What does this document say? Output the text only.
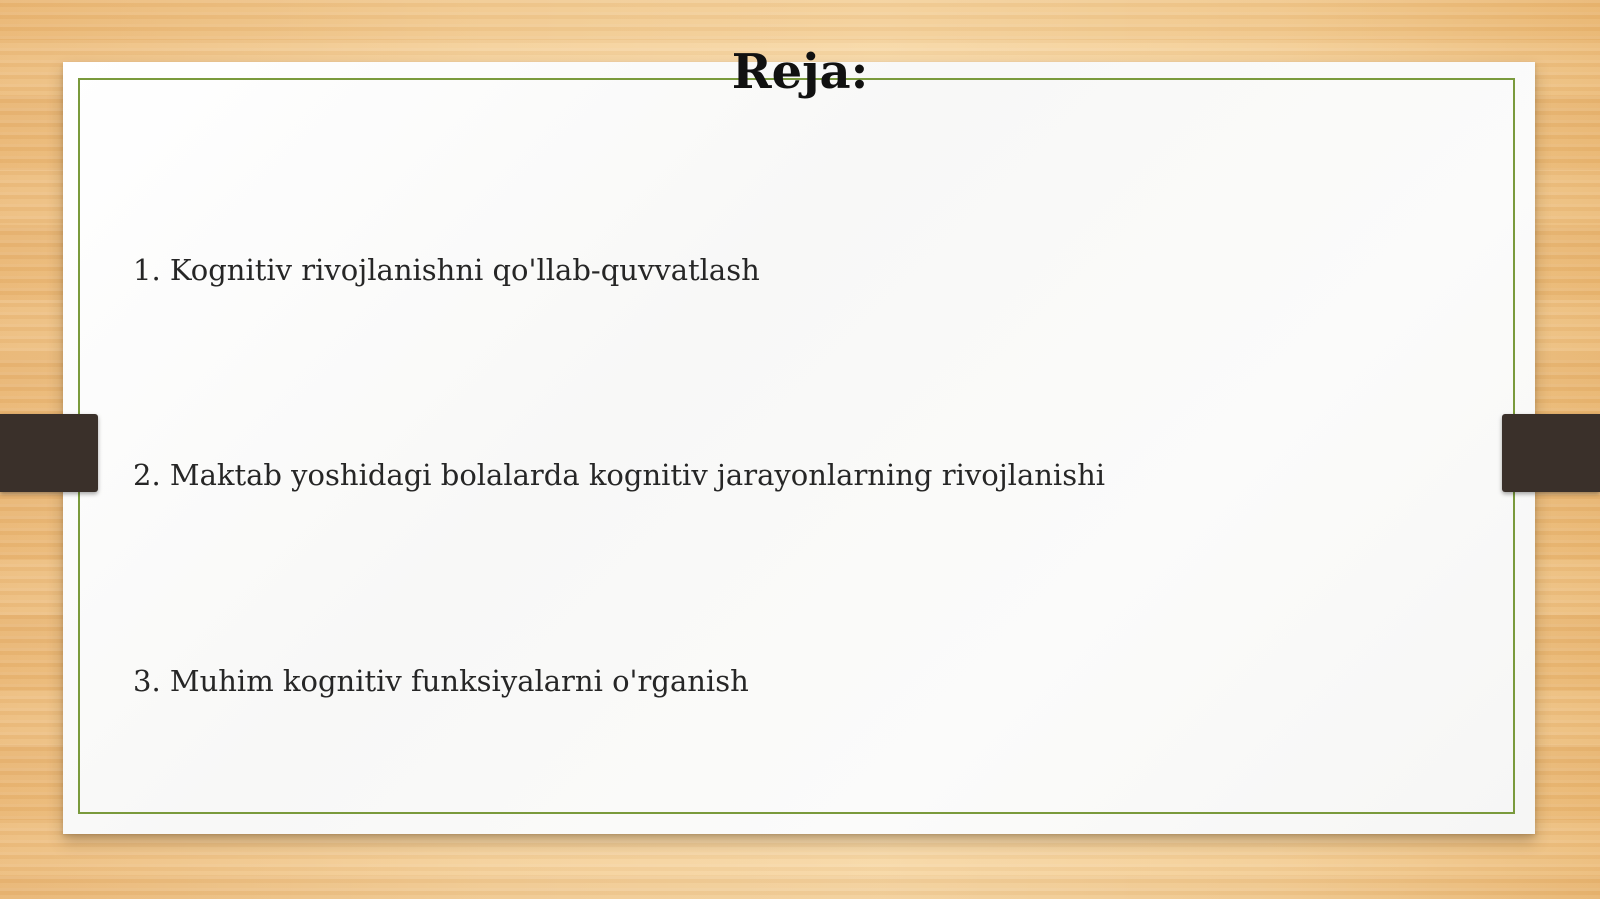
Reja:
1. Kognitiv rivojlanishni qo'llab-quvvatlash
2. Maktab yoshidagi bolalarda kognitiv jarayonlarning rivojlanishi
3. Muhim kognitiv funksiyalarni o'rganish
